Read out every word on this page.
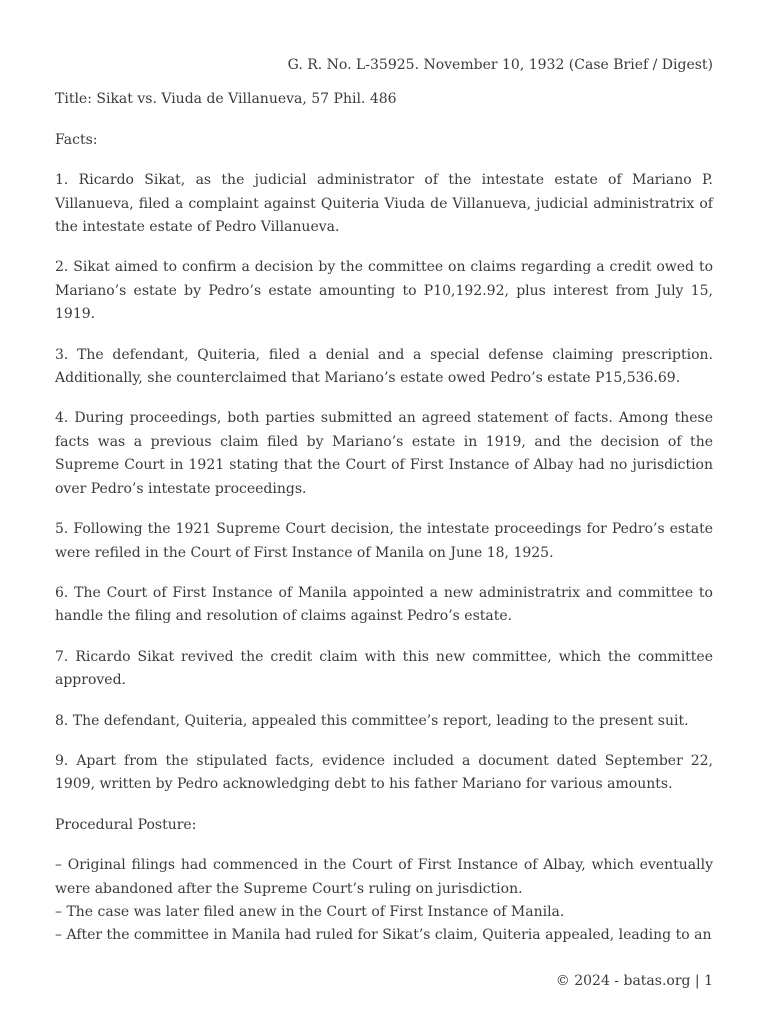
G. R. No. L-35925. November 10, 1932 (Case Brief / Digest)

Title: Sikat vs. Viuda de Villanueva, 57 Phil. 486

Facts:

1. Ricardo Sikat, as the judicial administrator of the intestate estate of Mariano P. Villanueva, filed a complaint against Quiteria Viuda de Villanueva, judicial administratrix of the intestate estate of Pedro Villanueva.

2. Sikat aimed to confirm a decision by the committee on claims regarding a credit owed to Mariano’s estate by Pedro’s estate amounting to P10,192.92, plus interest from July 15, 1919.

3. The defendant, Quiteria, filed a denial and a special defense claiming prescription. Additionally, she counterclaimed that Mariano’s estate owed Pedro’s estate P15,536.69.

4. During proceedings, both parties submitted an agreed statement of facts. Among these facts was a previous claim filed by Mariano’s estate in 1919, and the decision of the Supreme Court in 1921 stating that the Court of First Instance of Albay had no jurisdiction over Pedro’s intestate proceedings.

5. Following the 1921 Supreme Court decision, the intestate proceedings for Pedro’s estate were refiled in the Court of First Instance of Manila on June 18, 1925.

6. The Court of First Instance of Manila appointed a new administratrix and committee to handle the filing and resolution of claims against Pedro’s estate.

7. Ricardo Sikat revived the credit claim with this new committee, which the committee approved.

8. The defendant, Quiteria, appealed this committee’s report, leading to the present suit.

9. Apart from the stipulated facts, evidence included a document dated September 22, 1909, written by Pedro acknowledging debt to his father Mariano for various amounts.

Procedural Posture:

– Original filings had commenced in the Court of First Instance of Albay, which eventually were abandoned after the Supreme Court’s ruling on jurisdiction.

– The case was later filed anew in the Court of First Instance of Manila.

– After the committee in Manila had ruled for Sikat’s claim, Quiteria appealed, leading to an

© 2024 - batas.org | 1
